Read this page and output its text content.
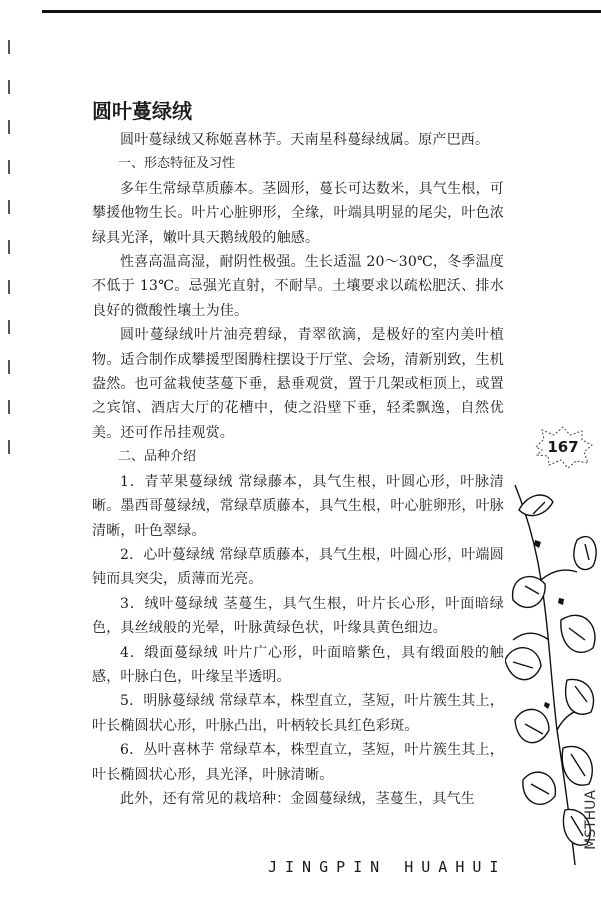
圆叶蔓绿绒

圆叶蔓绿绒又称姬喜林芋。天南星科蔓绿绒属。原产巴西。

一、形态特征及习性

多年生常绿草质藤本。茎圆形，蔓长可达数米，具气生根，可攀援他物生长。叶片心脏卵形，全缘，叶端具明显的尾尖，叶色浓绿具光泽，嫩叶具天鹅绒般的触感。

性喜高温高湿，耐阴性极强。生长适温 20～30℃，冬季温度不低于 13℃。忌强光直射，不耐旱。土壤要求以疏松肥沃、排水良好的微酸性壤土为佳。

圆叶蔓绿绒叶片油亮碧绿，青翠欲滴，是极好的室内美叶植物。适合制作成攀援型图腾柱摆设于厅堂、会场，清新别致，生机盎然。也可盆栽使茎蔓下垂，悬垂观赏，置于几架或柜顶上，或置之宾馆、酒店大厅的花槽中，使之沿壁下垂，轻柔飘逸，自然优美。还可作吊挂观赏。

二、品种介绍

1．青苹果蔓绿绒 常绿藤本，具气生根，叶圆心形，叶脉清晰。墨西哥蔓绿绒，常绿草质藤本，具气生根，叶心脏卵形，叶脉清晰，叶色翠绿。

2．心叶蔓绿绒 常绿草质藤本，具气生根，叶圆心形，叶端圆钝而具突尖，质薄而光亮。

3．绒叶蔓绿绒 茎蔓生，具气生根，叶片长心形，叶面暗绿色，具丝绒般的光晕，叶脉黄绿色状，叶缘具黄色细边。

4．缎面蔓绿绒 叶片广心形，叶面暗紫色，具有缎面般的触感，叶脉白色，叶缘呈半透明。

5．明脉蔓绿绒 常绿草本，株型直立，茎短，叶片簇生其上，叶长椭圆状心形，叶脉凸出，叶柄较长具红色彩斑。

6．丛叶喜林芋 常绿草本，株型直立，茎短，叶片簇生其上，叶长椭圆状心形，具光泽，叶脉清晰。

此外，还有常见的栽培种：金圆蔓绿绒，茎蔓生，具气生

167
JINGPIN HUAHUI
MSTHUA
